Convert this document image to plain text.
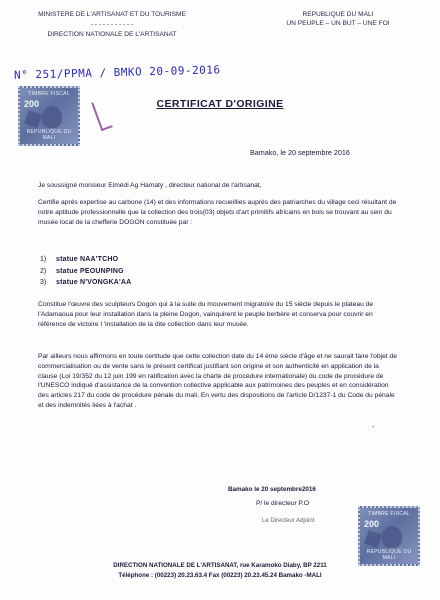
MINISTERE DE L'ARTISANAT ET DU TOURISME
- - - - - - - - - - -
DIRECTION NATIONALE DE L'ARTISANAT
REPUBLIQUE DU MALI
UN PEUPLE – UN BUT – UNE FOI
N° 251/PPMA / BMKO 20-09-2016
TIMBRE FISCAL
200
REPUBLIQUE DU MALI
CERTIFICAT D'ORIGINE
Bamako, le 20 septembre 2016

Je soussigné monsieur Elmédi Ag Hamaty , directeur national de l'artisanat,

Certifie après expertise au carbone (14) et des informations recueillies auprès des patriarches du village ceci résultant de notre aptitude professionnelle que la collection des trois(03) objets d'art primitifs africains en bois se trouvant au sein du musée local de la chefferie DOGON constituée par :

1) statue NAA'TCHO
2) statue PEOUNPING
3) statue N'VONGKA'AA

Constitue l'œuvre des sculpteurs Dogon qui à la suite du mouvement migratoire du 15 siècle depuis le plateau de l'Adamaoua pour leur installation dans la pleine Dogon, vainquirent le peuple berbère et conserva pour couvrir en référence de victoire l 'installation de la dite collection dans leur musée.

Par ailleurs nous affirmons en toute certitude que cette collection date du 14 ème siècle d'âge et ne saurait faire l'objet de commercialisation ou de vente sans le présent certificat justifiant son origine et son authenticité en application de la clause (Loi 19/352 du 12 juin 199 en ratification avec la charte de procédure internationale) du code de procédure de l'UNESCO indiqué d'assistance de la convention collective applicable aux patrimoines des peuples et en considération des articles 217 du code de procédure pénale du mali, En vertu des dispositions de l'article D/1237-1 du Code du pénale et des indemnités liées à l'achat .

-
Bamako le 20 septembre2016
P/ le directeur P.O
Le Directeur Adjoint
TIMBRE FISCAL
200
REPUBLIQUE DU MALI
DIRECTION NATIONALE DE L'ARTISANAT, rue Karamoko Diaby, BP 2211
Téléphone : (00223) 20.23.63.4 Fax (00223) 20.23.45.24 Bamako -MALI
